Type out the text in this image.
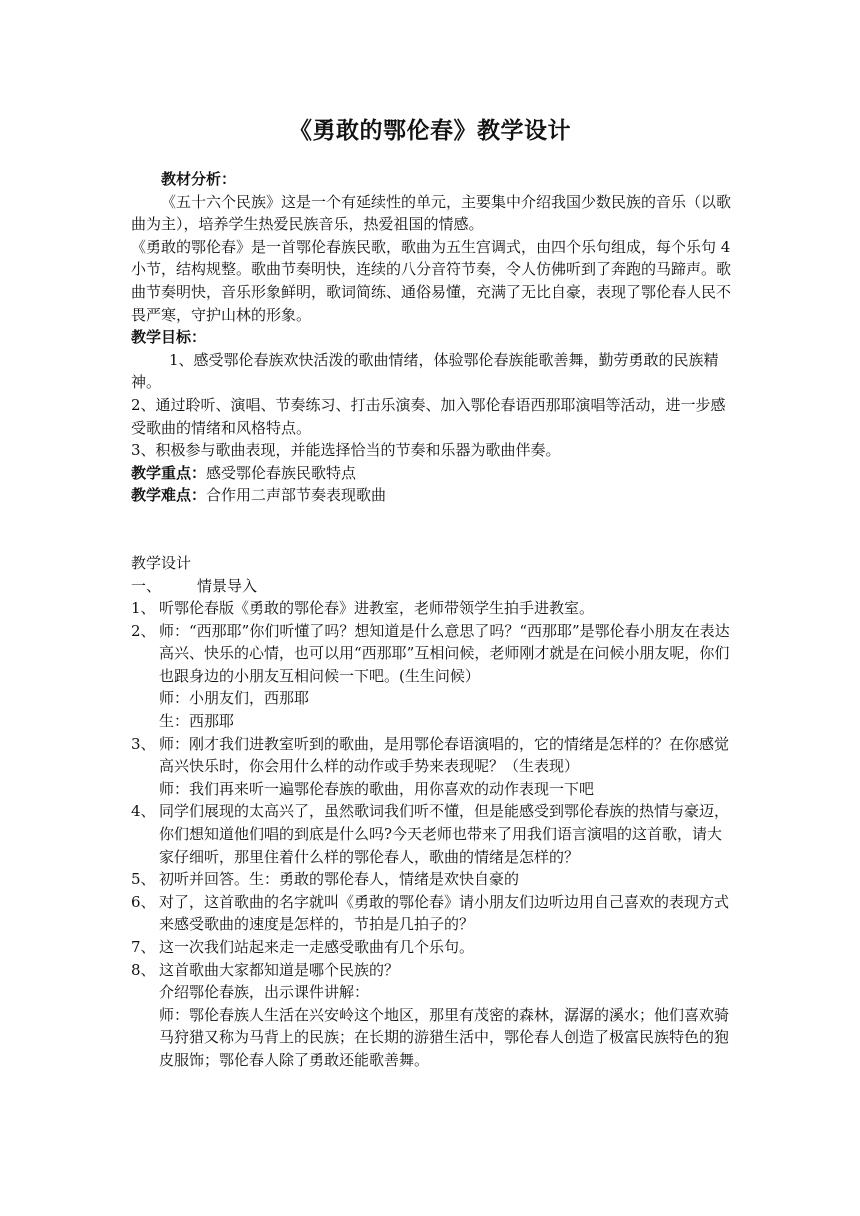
《勇敢的鄂伦春》教学设计

教材分析：

《五十六个民族》这是一个有延续性的单元，主要集中介绍我国少数民族的音乐（以歌曲为主），培养学生热爱民族音乐，热爱祖国的情感。

《勇敢的鄂伦春》是一首鄂伦春族民歌，歌曲为五生宫调式，由四个乐句组成，每个乐句 4 小节，结构规整。歌曲节奏明快，连续的八分音符节奏，令人仿佛听到了奔跑的马蹄声。歌曲节奏明快，音乐形象鲜明，歌词简练、通俗易懂，充满了无比自豪，表现了鄂伦春人民不畏严寒，守护山林的形象。

教学目标：

1、感受鄂伦春族欢快活泼的歌曲情绪，体验鄂伦春族能歌善舞，勤劳勇敢的民族精神。

2、通过聆听、演唱、节奏练习、打击乐演奏、加入鄂伦春语西那耶演唱等活动，进一步感受歌曲的情绪和风格特点。

3、积极参与歌曲表现，并能选择恰当的节奏和乐器为歌曲伴奏。

教学重点：感受鄂伦春族民歌特点

教学难点：合作用二声部节奏表现歌曲

教学设计

一、	情景导入
1、 听鄂伦春版《勇敢的鄂伦春》进教室，老师带领学生拍手进教室。
2、 师：“西那耶”你们听懂了吗？想知道是什么意思了吗？“西那耶”是鄂伦春小朋友在表达高兴、快乐的心情，也可以用“西那耶”互相问候，老师刚才就是在问候小朋友呢，你们也跟身边的小朋友互相问候一下吧。(生生问候）
师：小朋友们，西那耶
生：西那耶
3、 师：刚才我们进教室听到的歌曲，是用鄂伦春语演唱的，它的情绪是怎样的？在你感觉高兴快乐时，你会用什么样的动作或手势来表现呢？（生表现）
师：我们再来听一遍鄂伦春族的歌曲，用你喜欢的动作表现一下吧
4、 同学们展现的太高兴了，虽然歌词我们听不懂，但是能感受到鄂伦春族的热情与豪迈，你们想知道他们唱的到底是什么吗?今天老师也带来了用我们语言演唱的这首歌，请大家仔细听，那里住着什么样的鄂伦春人，歌曲的情绪是怎样的？
5、 初听并回答。生：勇敢的鄂伦春人，情绪是欢快自豪的
6、 对了，这首歌曲的名字就叫《勇敢的鄂伦春》请小朋友们边听边用自己喜欢的表现方式来感受歌曲的速度是怎样的，节拍是几拍子的？
7、 这一次我们站起来走一走感受歌曲有几个乐句。
8、 这首歌曲大家都知道是哪个民族的？
介绍鄂伦春族，出示课件讲解：
师：鄂伦春族人生活在兴安岭这个地区，那里有茂密的森林，潺潺的溪水；他们喜欢骑马狩猎又称为马背上的民族；在长期的游猎生活中，鄂伦春人创造了极富民族特色的狍皮服饰；鄂伦春人除了勇敢还能歌善舞。
